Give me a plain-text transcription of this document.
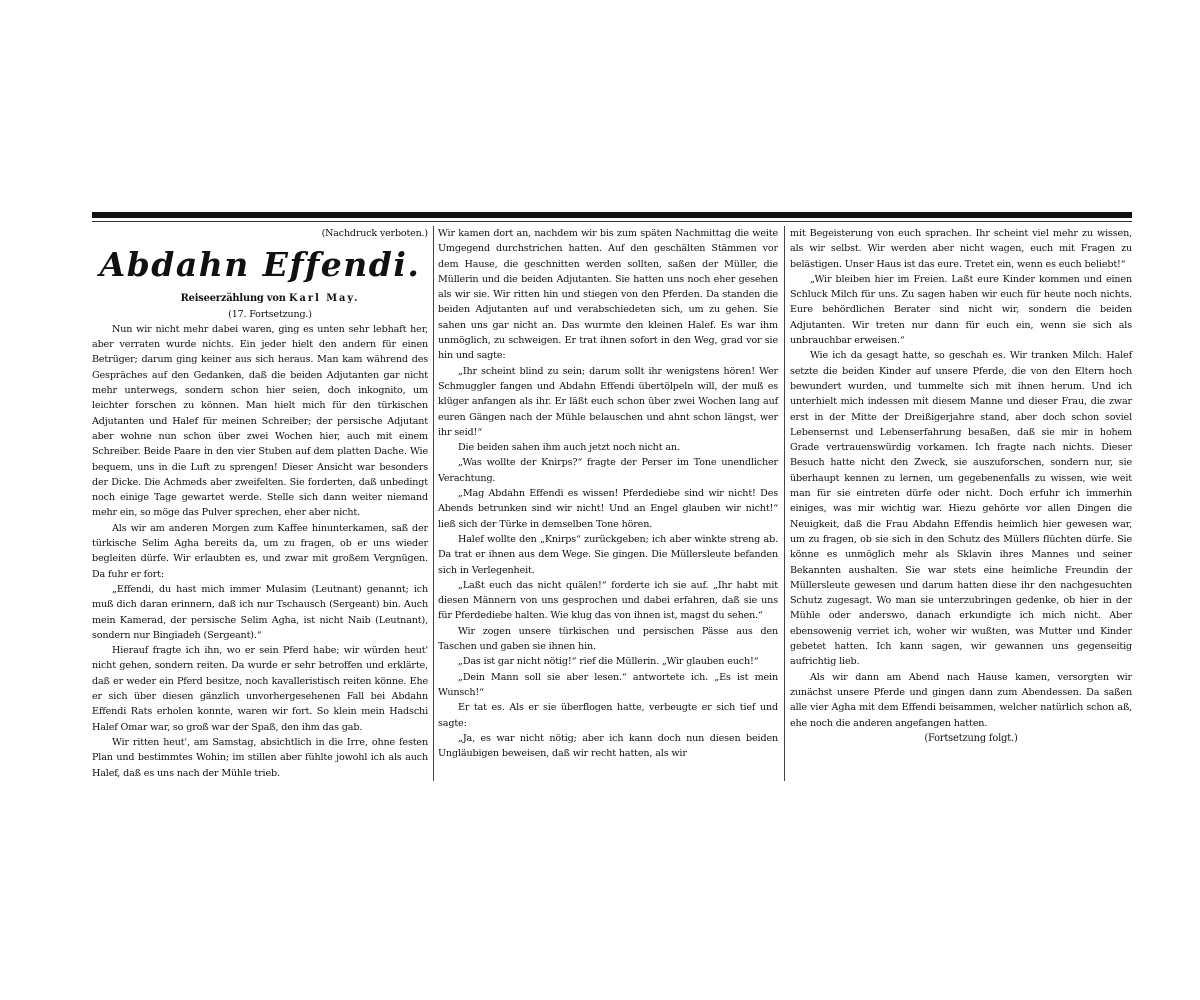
(Nachdruck verboten.)

Abdahn Effendi.

Reiseerzählung von Karl May.

(17. Fortsetzung.)

Nun wir nicht mehr dabei waren, ging es unten sehr lebhaft her, aber verraten wurde nichts. Ein jeder hielt den andern für einen Betrüger; darum ging keiner aus sich heraus. Man kam während des Gespräches auf den Gedanken, daß die beiden Adjutanten gar nicht mehr unterwegs, sondern schon hier seien, doch inkognito, um leichter forschen zu können. Man hielt mich für den türkischen Adjutanten und Halef für meinen Schreiber; der persische Adjutant aber wohne nun schon über zwei Wochen hier, auch mit einem Schreiber. Beide Paare in den vier Stuben auf dem platten Dache. Wie bequem, uns in die Luft zu sprengen! Dieser Ansicht war besonders der Dicke. Die Achmeds aber zweifelten. Sie forderten, daß unbedingt noch einige Tage gewartet werde. Stelle sich dann weiter niemand mehr ein, so möge das Pulver sprechen, eher aber nicht.

Als wir am anderen Morgen zum Kaffee hinunterkamen, saß der türkische Selim Agha bereits da, um zu fragen, ob er uns wieder begleiten dürfe. Wir erlaubten es, und zwar mit großem Vergnügen. Da fuhr er fort:

„Effendi, du hast mich immer Mulasim (Leutnant) genannt; ich muß dich daran erinnern, daß ich nur Tschausch (Sergeant) bin. Auch mein Kamerad, der persische Selim Agha, ist nicht Naib (Leutnant), sondern nur Bingiadeh (Sergeant).“

Hierauf fragte ich ihn, wo er sein Pferd habe; wir würden heut' nicht gehen, sondern reiten. Da wurde er sehr betroffen und erklärte, daß er weder ein Pferd besitze, noch kavalleristisch reiten könne. Ehe er sich über diesen gänzlich unvorhergesehenen Fall bei Abdahn Effendi Rats erholen konnte, waren wir fort. So klein mein Hadschi Halef Omar war, so groß war der Spaß, den ihm das gab.

Wir ritten heut', am Samstag, absichtlich in die Irre, ohne festen Plan und bestimmtes Wohin; im stillen aber fühlte jowohl ich als auch Halef, daß es uns nach der Mühle trieb.

Wir kamen dort an, nachdem wir bis zum späten Nachmittag die weite Umgegend durchstrichen hatten. Auf den geschälten Stämmen vor dem Hause, die geschnitten werden sollten, saßen der Müller, die Müllerin und die beiden Adjutanten. Sie hatten uns noch eher gesehen als wir sie. Wir ritten hin und stiegen von den Pferden. Da standen die beiden Adjutanten auf und verabschiedeten sich, um zu gehen. Sie sahen uns gar nicht an. Das wurmte den kleinen Halef. Es war ihm unmöglich, zu schweigen. Er trat ihnen sofort in den Weg, grad vor sie hin und sagte:

„Ihr scheint blind zu sein; darum sollt ihr wenigstens hören! Wer Schmuggler fangen und Abdahn Effendi übertölpeln will, der muß es klüger anfangen als ihr. Er läßt euch schon über zwei Wochen lang auf euren Gängen nach der Mühle belauschen und ahnt schon längst, wer ihr seid!“

Die beiden sahen ihm auch jetzt noch nicht an.

„Was wollte der Knirps?“ fragte der Perser im Tone unendlicher Verachtung.

„Mag Abdahn Effendi es wissen! Pferdediebe sind wir nicht! Des Abends betrunken sind wir nicht! Und an Engel glauben wir nicht!“ ließ sich der Türke in demselben Tone hören.

Halef wollte den „Knirps“ zurückgeben; ich aber winkte streng ab. Da trat er ihnen aus dem Wege. Sie gingen. Die Müllersleute befanden sich in Verlegenheit.

„Laßt euch das nicht quälen!“ forderte ich sie auf. „Ihr habt mit diesen Männern von uns gesprochen und dabei erfahren, daß sie uns für Pferdediebe halten. Wie klug das von ihnen ist, magst du sehen.“

Wir zogen unsere türkischen und persischen Pässe aus den Taschen und gaben sie ihnen hin.

„Das ist gar nicht nötig!“ rief die Müllerin. „Wir glauben euch!“

„Dein Mann soll sie aber lesen.“ antwortete ich. „Es ist mein Wunsch!“

Er tat es. Als er sie überflogen hatte, verbeugte er sich tief und sagte:

„Ja, es war nicht nötig; aber ich kann doch nun diesen beiden Ungläubigen beweisen, daß wir recht hatten, als wir

mit Begeisterung von euch sprachen. Ihr scheint viel mehr zu wissen, als wir selbst. Wir werden aber nicht wagen, euch mit Fragen zu belästigen. Unser Haus ist das eure. Tretet ein, wenn es euch beliebt!“

„Wir bleiben hier im Freien. Laßt eure Kinder kommen und einen Schluck Milch für uns. Zu sagen haben wir euch für heute noch nichts. Eure behördlichen Berater sind nicht wir, sondern die beiden Adjutanten. Wir treten nur dann für euch ein, wenn sie sich als unbrauchbar erweisen.“

Wie ich da gesagt hatte, so geschah es. Wir tranken Milch. Halef setzte die beiden Kinder auf unsere Pferde, die von den Eltern hoch bewundert wurden, und tummelte sich mit ihnen herum. Und ich unterhielt mich indessen mit diesem Manne und dieser Frau, die zwar erst in der Mitte der Dreißigerjahre stand, aber doch schon soviel Lebensernst und Lebenserfahrung besaßen, daß sie mir in hohem Grade vertrauenswürdig vorkamen. Ich fragte nach nichts. Dieser Besuch hatte nicht den Zweck, sie auszuforschen, sondern nur, sie überhaupt kennen zu lernen, um gegebenenfalls zu wissen, wie weit man für sie eintreten dürfe oder nicht. Doch erfuhr ich immerhin einiges, was mir wichtig war. Hiezu gehörte vor allen Dingen die Neuigkeit, daß die Frau Abdahn Effendis heimlich hier gewesen war, um zu fragen, ob sie sich in den Schutz des Müllers flüchten dürfe. Sie könne es unmöglich mehr als Sklavin ihres Mannes und seiner Bekannten aushalten. Sie war stets eine heimliche Freundin der Müllersleute gewesen und darum hatten diese ihr den nachgesuchten Schutz zugesagt. Wo man sie unterzubringen gedenke, ob hier in der Mühle oder anderswo, danach erkundigte ich mich nicht. Aber ebensowenig verriet ich, woher wir wußten, was Mutter und Kinder gebetet hatten. Ich kann sagen, wir gewannen uns gegenseitig aufrichtig lieb.

Als wir dann am Abend nach Hause kamen, versorgten wir zunächst unsere Pferde und gingen dann zum Abendessen. Da saßen alle vier Agha mit dem Effendi beisammen, welcher natürlich schon aß, ehe noch die anderen angefangen hatten.

(Fortsetzung folgt.)
